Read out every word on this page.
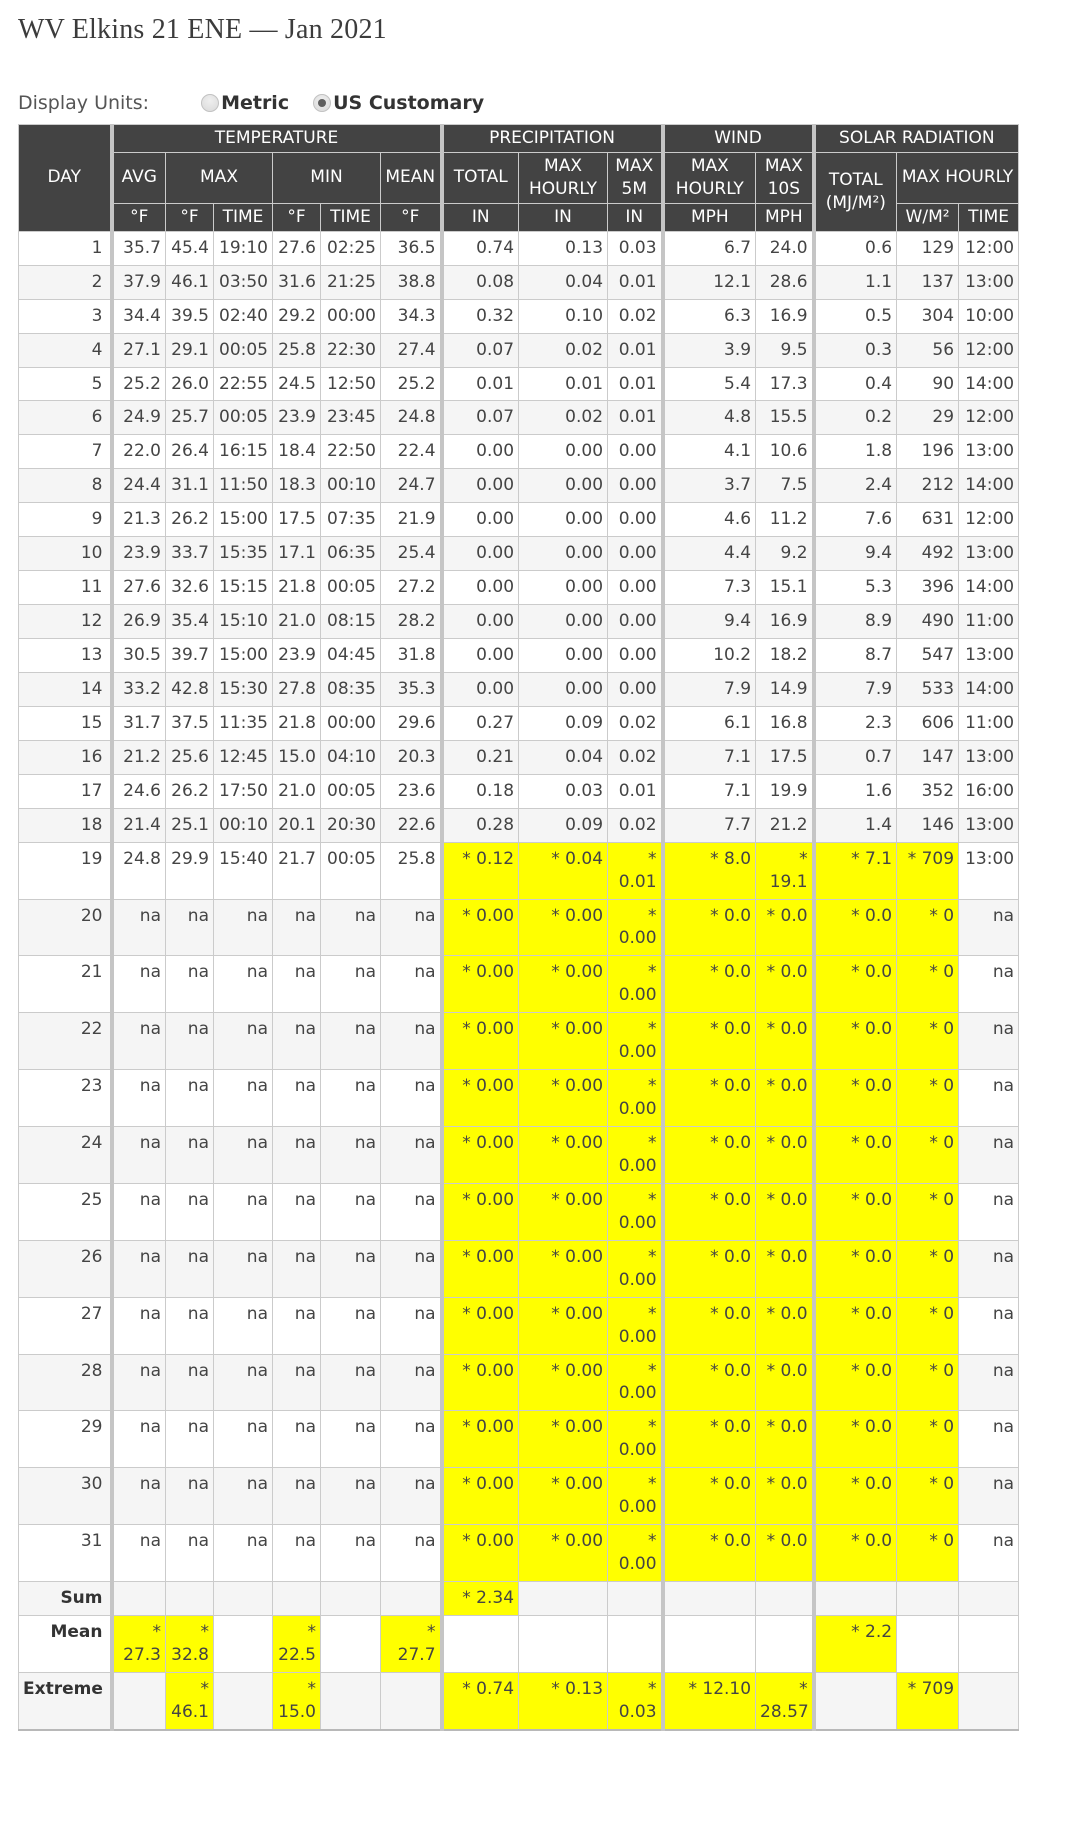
WV Elkins 21 ENE — Jan 2021
Display Units:	Metric US Customary
DAY	TEMPERATURE						PRECIPITATION			WIND		SOLAR RADIATION		
	AVG	MAX		MIN		MEAN	TOTAL	MAX HOURLY	MAX 5M	MAX HOURLY	MAX 10S	TOTAL (MJ/M²)	MAX HOURLY	
	°F	°F	TIME	°F	TIME	°F	IN	IN	IN	MPH	MPH		W/M²	TIME
1	35.7	45.4	19:10	27.6	02:25	36.5	0.74	0.13	0.03	6.7	24.0	0.6	129	12:00
2	37.9	46.1	03:50	31.6	21:25	38.8	0.08	0.04	0.01	12.1	28.6	1.1	137	13:00
3	34.4	39.5	02:40	29.2	00:00	34.3	0.32	0.10	0.02	6.3	16.9	0.5	304	10:00
4	27.1	29.1	00:05	25.8	22:30	27.4	0.07	0.02	0.01	3.9	9.5	0.3	56	12:00
5	25.2	26.0	22:55	24.5	12:50	25.2	0.01	0.01	0.01	5.4	17.3	0.4	90	14:00
6	24.9	25.7	00:05	23.9	23:45	24.8	0.07	0.02	0.01	4.8	15.5	0.2	29	12:00
7	22.0	26.4	16:15	18.4	22:50	22.4	0.00	0.00	0.00	4.1	10.6	1.8	196	13:00
8	24.4	31.1	11:50	18.3	00:10	24.7	0.00	0.00	0.00	3.7	7.5	2.4	212	14:00
9	21.3	26.2	15:00	17.5	07:35	21.9	0.00	0.00	0.00	4.6	11.2	7.6	631	12:00
10	23.9	33.7	15:35	17.1	06:35	25.4	0.00	0.00	0.00	4.4	9.2	9.4	492	13:00
11	27.6	32.6	15:15	21.8	00:05	27.2	0.00	0.00	0.00	7.3	15.1	5.3	396	14:00
12	26.9	35.4	15:10	21.0	08:15	28.2	0.00	0.00	0.00	9.4	16.9	8.9	490	11:00
13	30.5	39.7	15:00	23.9	04:45	31.8	0.00	0.00	0.00	10.2	18.2	8.7	547	13:00
14	33.2	42.8	15:30	27.8	08:35	35.3	0.00	0.00	0.00	7.9	14.9	7.9	533	14:00
15	31.7	37.5	11:35	21.8	00:00	29.6	0.27	0.09	0.02	6.1	16.8	2.3	606	11:00
16	21.2	25.6	12:45	15.0	04:10	20.3	0.21	0.04	0.02	7.1	17.5	0.7	147	13:00
17	24.6	26.2	17:50	21.0	00:05	23.6	0.18	0.03	0.01	7.1	19.9	1.6	352	16:00
18	21.4	25.1	00:10	20.1	20:30	22.6	0.28	0.09	0.02	7.7	21.2	1.4	146	13:00
19	24.8	29.9	15:40	21.7	00:05	25.8	* 0.12	* 0.04	* 0.01	* 8.0	* 19.1	* 7.1	* 709	13:00
20	na	na	na	na	na	na	* 0.00	* 0.00	* 0.00	* 0.0	* 0.0	* 0.0	* 0	na
21	na	na	na	na	na	na	* 0.00	* 0.00	* 0.00	* 0.0	* 0.0	* 0.0	* 0	na
22	na	na	na	na	na	na	* 0.00	* 0.00	* 0.00	* 0.0	* 0.0	* 0.0	* 0	na
23	na	na	na	na	na	na	* 0.00	* 0.00	* 0.00	* 0.0	* 0.0	* 0.0	* 0	na
24	na	na	na	na	na	na	* 0.00	* 0.00	* 0.00	* 0.0	* 0.0	* 0.0	* 0	na
25	na	na	na	na	na	na	* 0.00	* 0.00	* 0.00	* 0.0	* 0.0	* 0.0	* 0	na
26	na	na	na	na	na	na	* 0.00	* 0.00	* 0.00	* 0.0	* 0.0	* 0.0	* 0	na
27	na	na	na	na	na	na	* 0.00	* 0.00	* 0.00	* 0.0	* 0.0	* 0.0	* 0	na
28	na	na	na	na	na	na	* 0.00	* 0.00	* 0.00	* 0.0	* 0.0	* 0.0	* 0	na
29	na	na	na	na	na	na	* 0.00	* 0.00	* 0.00	* 0.0	* 0.0	* 0.0	* 0	na
30	na	na	na	na	na	na	* 0.00	* 0.00	* 0.00	* 0.0	* 0.0	* 0.0	* 0	na
31	na	na	na	na	na	na	* 0.00	* 0.00	* 0.00	* 0.0	* 0.0	* 0.0	* 0	na
Sum							* 2.34							
Mean	* 27.3	* 32.8		* 22.5		* 27.7						* 2.2		
Extreme		* 46.1		* 15.0			* 0.74	* 0.13	* 0.03	* 12.10	* 28.57		* 709	
